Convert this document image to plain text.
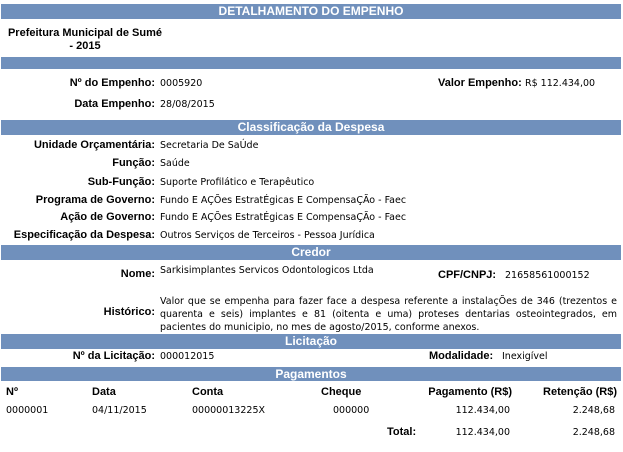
DETALHAMENTO DO EMPENHO
Prefeitura Municipal de Sumé - 2015
Nº do Empenho: 0005920	Valor Empenho: R$ 112.434,00
Data Empenho: 28/08/2015
Classificação da Despesa
Unidade Orçamentária: Secretaria De SaÚde
Função: Saúde
Sub-Função: Suporte Profilático e Terapêutico
Programa de Governo: Fundo E AÇÕes EstratÉgicas E CompensaÇÃo - Faec
Ação de Governo: Fundo E AÇÕes EstratÉgicas E CompensaÇÃo - Faec
Especificação da Despesa: Outros Serviços de Terceiros - Pessoa Jurídica
Credor
Nome: Sarkisimplantes Servicos Odontologicos Ltda	CPF/CNPJ: 21658561000152
Histórico:
Valor que se empenha para fazer face a despesa referente a instalaçÕes de 346 (trezentos e quarenta e seis) implantes e 81 (oitenta e uma) proteses dentarias osteointegrados, em pacientes do municipio, no mes de agosto/2015, conforme anexos.
Licitação
Nº da Licitação: 000012015	Modalidade: Inexigível
Pagamentos
Nº	Data	Conta	Cheque	Pagamento (R$)	Retenção (R$)
0000001	04/11/2015	00000013225X	000000	112.434,00	2.248,68
Total:	112.434,00	2.248,68
